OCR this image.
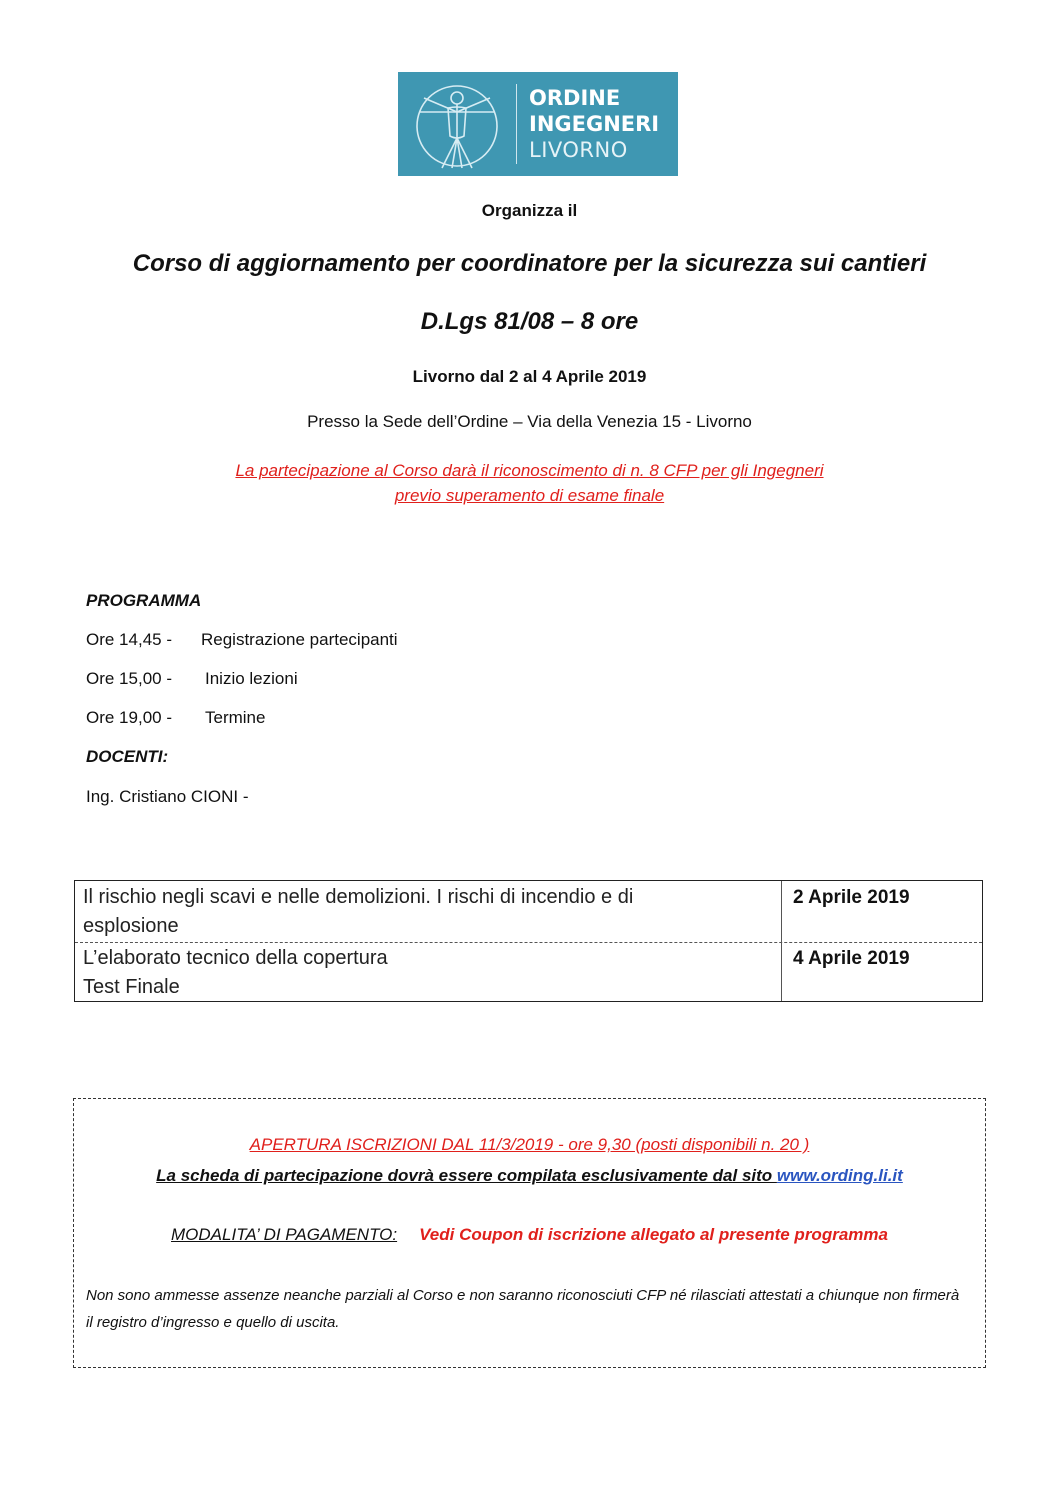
ORDINE
INGEGNERI
LIVORNO
Organizza il
Corso di aggiornamento per coordinatore per la sicurezza sui cantieri
D.Lgs 81/08 – 8 ore
Livorno dal 2 al 4 Aprile 2019
Presso la Sede dell’Ordine – Via della Venezia 15 - Livorno
La partecipazione al Corso darà il riconoscimento di n. 8 CFP per gli Ingegneri
previo superamento di esame finale
PROGRAMMA
Ore 14,45 - Registrazione partecipanti
Ore 15,00 - Inizio lezioni
Ore 19,00 - Termine
DOCENTI:
Ing. Cristiano CIONI -
Il rischio negli scavi e nelle demolizioni. I rischi di incendio e di
esplosione
2 Aprile 2019
L’elaborato tecnico della copertura
Test Finale
4 Aprile 2019
APERTURA ISCRIZIONI DAL 11/3/2019 - ore 9,30 (posti disponibili n. 20 )
La scheda di partecipazione dovrà essere compilata esclusivamente dal sito www.ording.li.it
MODALITA’ DI PAGAMENTO: Vedi Coupon di iscrizione allegato al presente programma
Non sono ammesse assenze neanche parziali al Corso e non saranno riconosciuti CFP né rilasciati attestati a chiunque non firmerà il registro d’ingresso e quello di uscita.
